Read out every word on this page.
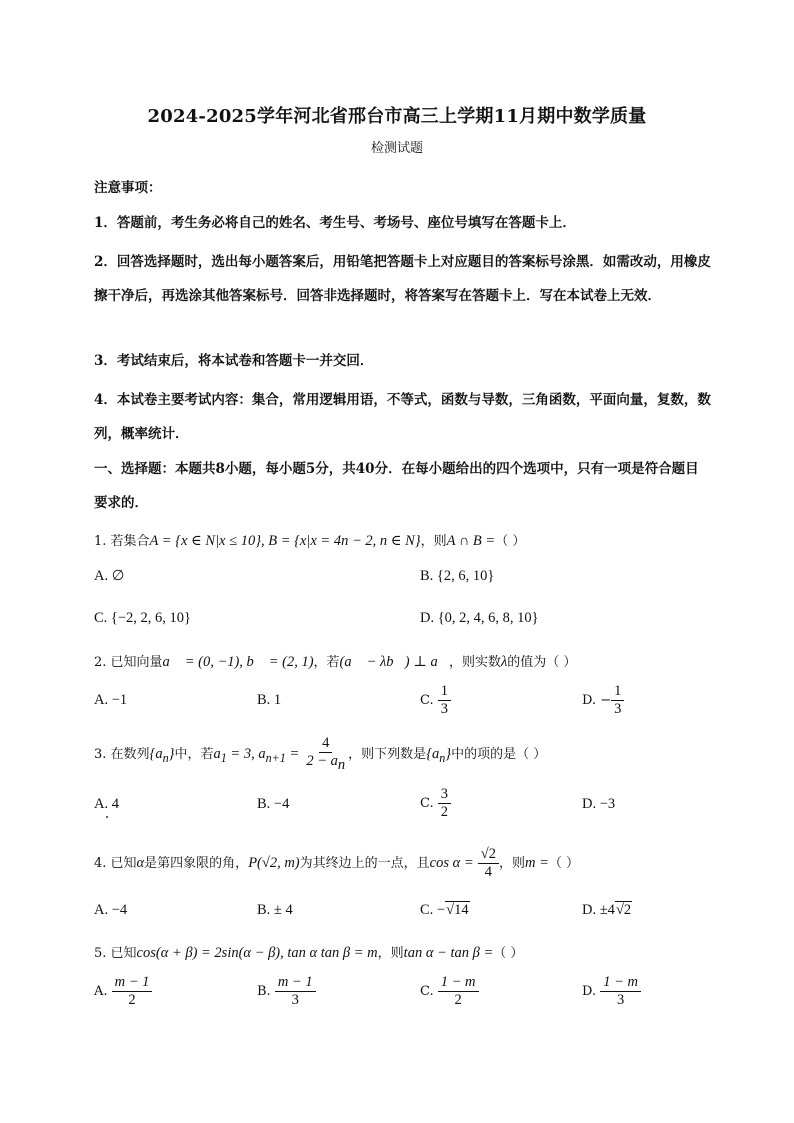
2024-2025学年河北省邢台市高三上学期11月期中数学质量
检测试题
注意事项：
1．答题前，考生务必将自己的姓名、考生号、考场号、座位号填写在答题卡上．
2．回答选择题时，选出每小题答案后，用铅笔把答题卡上对应题目的答案标号涂黑．如需改动，用橡皮擦干净后，再选涂其他答案标号．回答非选择题时，将答案写在答题卡上．写在本试卷上无效．
3．考试结束后，将本试卷和答题卡一并交回．
4．本试卷主要考试内容：集合，常用逻辑用语，不等式，函数与导数，三角函数，平面向量，复数，数列，概率统计．
一、选择题：本题共8小题，每小题5分，共40分．在每小题给出的四个选项中，只有一项是符合题目要求的．
1. 若集合A = {x ∈ N|x ≤ 10}, B = {x|x = 4n − 2, n ∈ N}，则A ∩ B =（ ）
A. ∅	B. {2, 6, 10}
C. {−2, 2, 6, 10}	D. {0, 2, 4, 6, 8, 10}
2. 已知向量a⃗ = (0, −1), b⃗ = (2, 1)，若(a⃗ − λb⃗) ⊥ a⃗，则实数λ的值为（ ）
A. −1	B. 1	C. $\frac{1}{3}$	D. − $\frac{1}{3}$
3. 在数列$\{a_n\}$中，若$a_1 = 3$, $a_{n+1} = \frac{4}{2 - a_n}$ ，则下列数是$\{a_n\}$中的项的是（ ）
A. 4	B. −4	C. $\frac{3}{2}$	D. −3
4. 已知α是第四象限的角，P(√2, m)为其终边上的一点，且$\cos \alpha = \frac{√2}{4}$ ，则m =（ ）
A. −4	B. ± 4	C. −√14	D. ±4√2
5. 已知cos(α + β) = 2sin(α − β), tan α tan β = m，则tan α − tan β =（ ）
A. $\frac{m - 1}{2}$	B. $\frac{m - 1}{3}$	C. $\frac{1 - m}{2}$	D. $\frac{1 - m}{3}$
